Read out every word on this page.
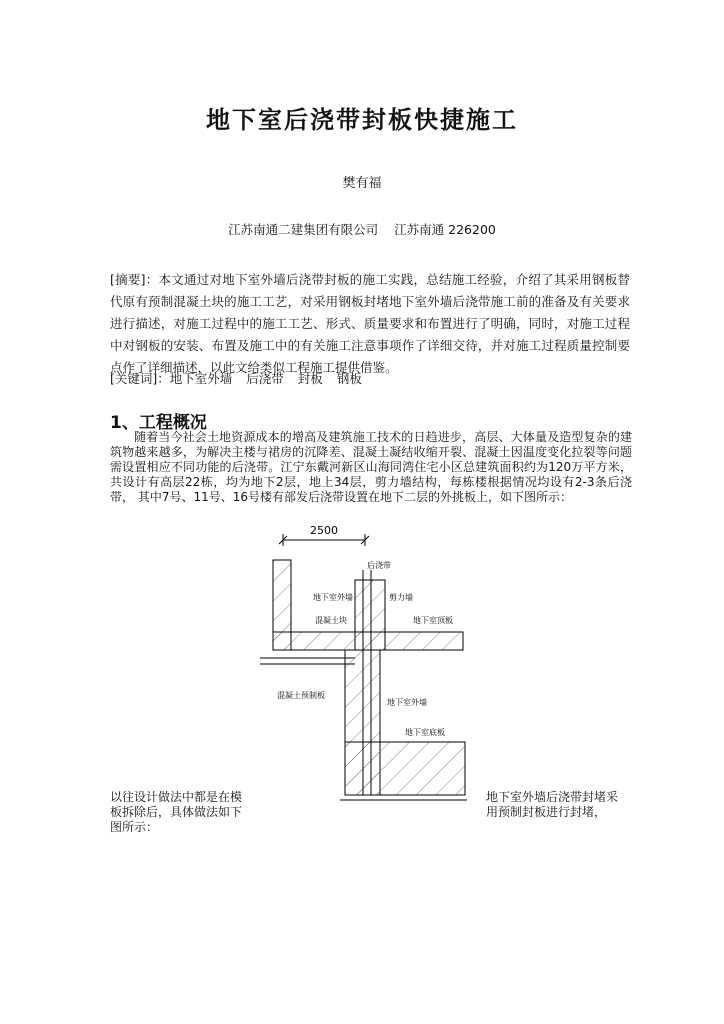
地下室后浇带封板快捷施工
樊有福
江苏南通二建集团有限公司 江苏南通 226200
[摘要]：本文通过对地下室外墙后浇带封板的施工实践，总结施工经验，介绍了其采用钢板替代原有预制混凝土块的施工工艺，对采用钢板封堵地下室外墙后浇带施工前的准备及有关要求进行描述，对施工过程中的施工工艺、形式、质量要求和布置进行了明确，同时，对施工过程中对钢板的安装、布置及施工中的有关施工注意事项作了详细交待，并对施工过程质量控制要点作了详细描述，以此文给类似工程施工提供借鉴。
[关键词]：地下室外墙 后浇带 封板 钢板
1、工程概况

随着当今社会土地资源成本的增高及建筑施工技术的日趋进步，高层、大体量及造型复杂的建筑物越来越多，为解决主楼与裙房的沉降差、混凝土凝结收缩开裂、混凝土因温度变化拉裂等问题需设置相应不同功能的后浇带。江宁东戴河新区山海同湾住宅小区总建筑面积约为120万平方米，共设计有高层22栋，均为地下2层，地上34层，剪力墙结构，每栋楼根据情况均设有2-3条后浇带， 其中7号、11号、16号楼有部发后浇带设置在地下二层的外挑板上，如下图所示：

2500
后浇带
地下室外墙	剪力墙
混凝土块	地下室顶板
混凝土预制板
地下室外墙
地下室底板
以往设计做法中都是在模板拆除后，具体做法如下图所示：
地下室外墙后浇带封堵采用预制封板进行封堵，
